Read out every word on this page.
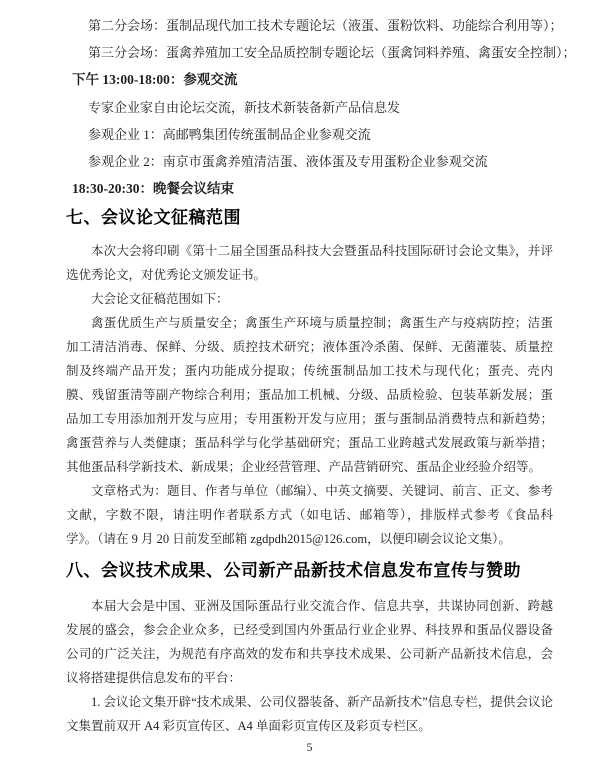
第二分会场：蛋制品现代加工技术专题论坛（液蛋、蛋粉饮料、功能综合利用等）；
第三分会场：蛋禽养殖加工安全品质控制专题论坛（蛋禽饲料养殖、禽蛋安全控制）；
下午 13:00-18:00：参观交流
专家企业家自由论坛交流，新技术新装备新产品信息发
参观企业 1：高邮鸭集团传统蛋制品企业参观交流
参观企业 2：南京市蛋禽养殖清洁蛋、液体蛋及专用蛋粉企业参观交流
18:30-20:30：晚餐会议结束
七、会议论文征稿范围

本次大会将印刷《第十二届全国蛋品科技大会暨蛋品科技国际研讨会论文集》，并评选优秀论文，对优秀论文颁发证书。

大会论文征稿范围如下：

禽蛋优质生产与质量安全；禽蛋生产环境与质量控制；禽蛋生产与疫病防控；洁蛋加工清洁消毒、保鲜、分级、质控技术研究；液体蛋冷杀菌、保鲜、无菌灌装、质量控制及终端产品开发；蛋内功能成分提取；传统蛋制品加工技术与现代化；蛋壳、壳内膜、残留蛋清等副产物综合利用；蛋品加工机械、分级、品质检验、包装革新发展；蛋品加工专用添加剂开发与应用；专用蛋粉开发与应用；蛋与蛋制品消费特点和新趋势；禽蛋营养与人类健康；蛋品科学与化学基础研究；蛋品工业跨越式发展政策与新举措；其他蛋品科学新技术、新成果；企业经营管理、产品营销研究、蛋品企业经验介绍等。

文章格式为：题目、作者与单位（邮编）、中英文摘要、关键词、前言、正文、参考文献，字数不限，请注明作者联系方式（如电话、邮箱等），排版样式参考《食品科学》。（请在 9 月 20 日前发至邮箱 zgdpdh2015@126.com，以便印刷会议论文集）。

八、会议技术成果、公司新产品新技术信息发布宣传与赞助

本届大会是中国、亚洲及国际蛋品行业交流合作、信息共享，共谋协同创新、跨越发展的盛会，参会企业众多，已经受到国内外蛋品行业企业界、科技界和蛋品仪器设备公司的广泛关注，为规范有序高效的发布和共享技术成果、公司新产品新技术信息，会议将搭建提供信息发布的平台：

1. 会议论文集开辟“技术成果、公司仪器装备、新产品新技术”信息专栏，提供会议论文集置前双开 A4 彩页宣传区、A4 单面彩页宣传区及彩页专栏区。

5
